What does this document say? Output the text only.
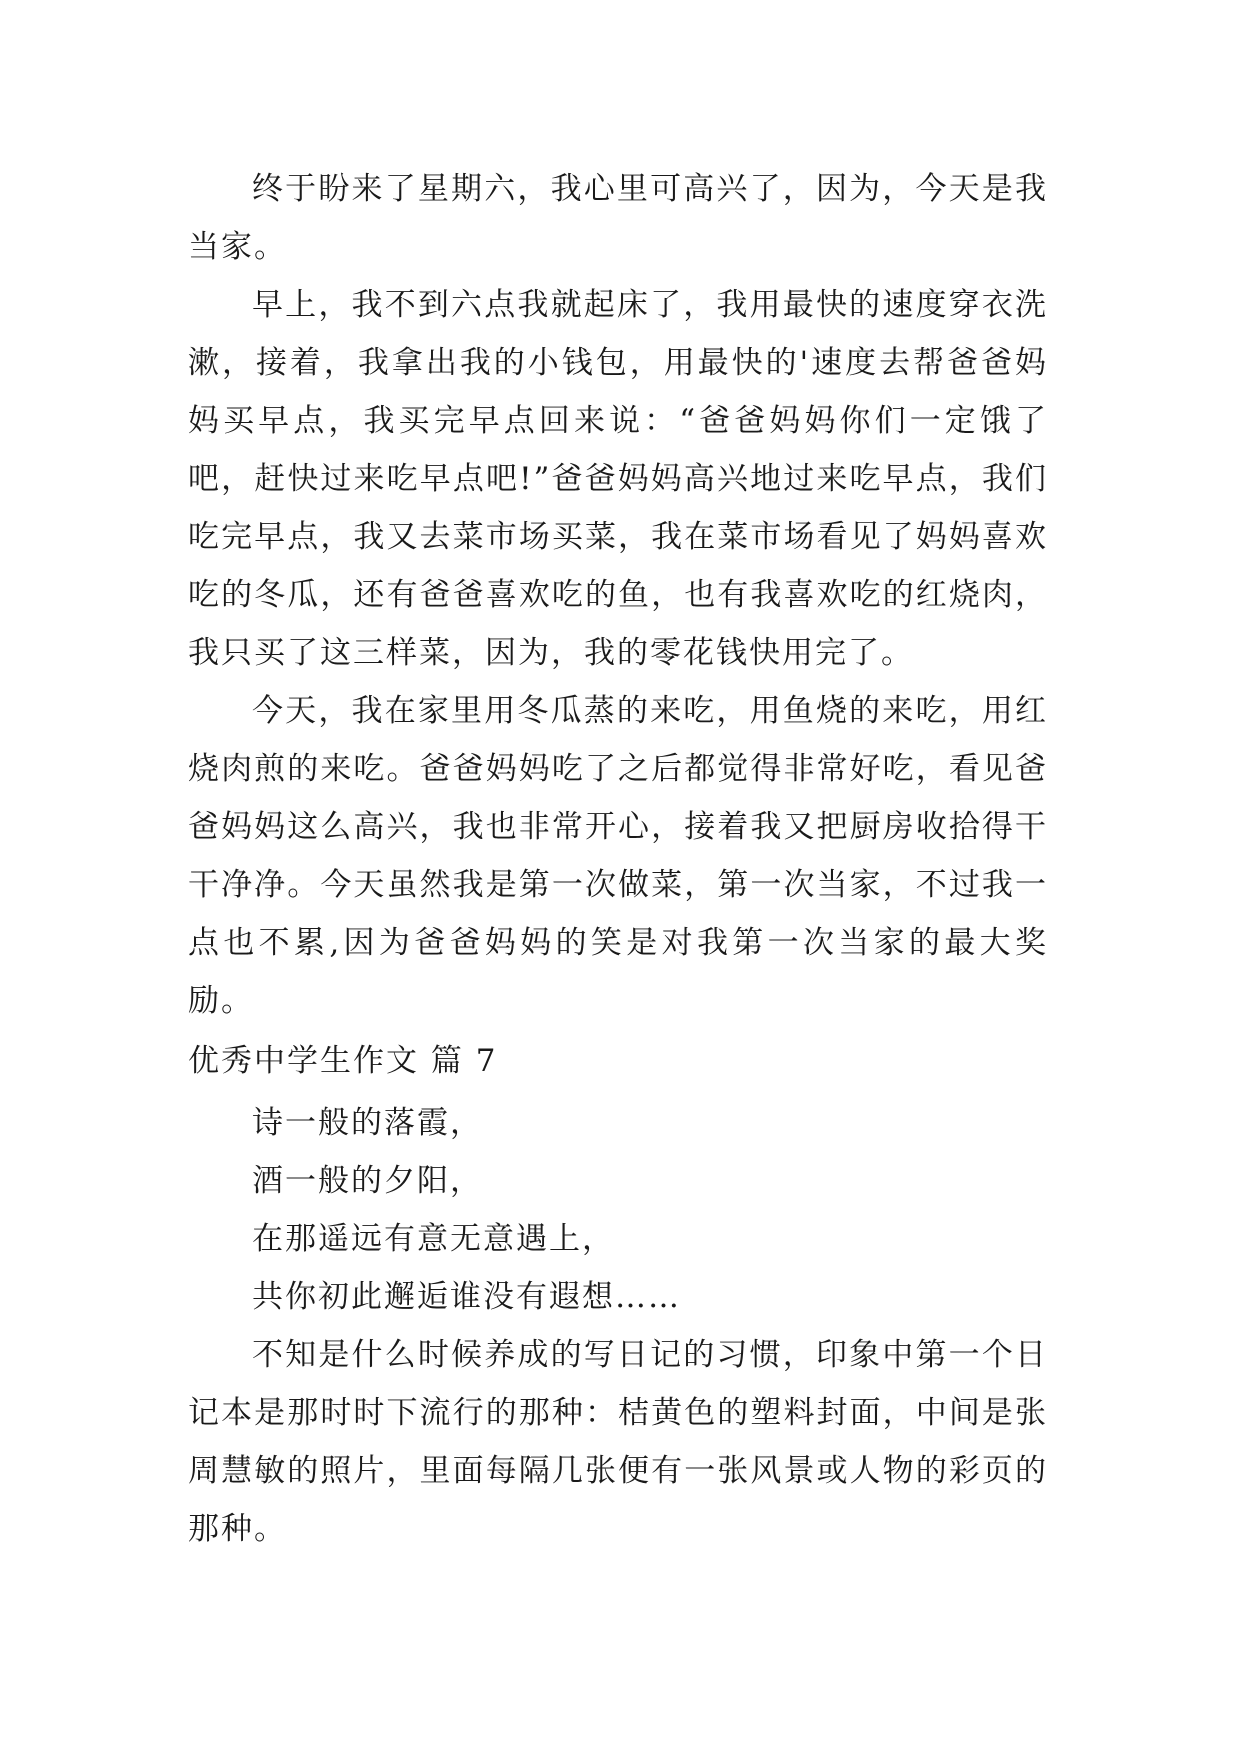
终于盼来了星期六，我心里可高兴了，因为，今天是我当家。

早上，我不到六点我就起床了，我用最快的速度穿衣洗漱，接着，我拿出我的小钱包，用最快的'速度去帮爸爸妈妈买早点，我买完早点回来说：“爸爸妈妈你们一定饿了吧，赶快过来吃早点吧!”爸爸妈妈高兴地过来吃早点，我们吃完早点，我又去菜市场买菜，我在菜市场看见了妈妈喜欢吃的冬瓜，还有爸爸喜欢吃的鱼，也有我喜欢吃的红烧肉，我只买了这三样菜，因为，我的零花钱快用完了。

今天，我在家里用冬瓜蒸的来吃，用鱼烧的来吃，用红烧肉煎的来吃。爸爸妈妈吃了之后都觉得非常好吃，看见爸爸妈妈这么高兴，我也非常开心，接着我又把厨房收拾得干干净净。今天虽然我是第一次做菜，第一次当家，不过我一点也不累,因为爸爸妈妈的笑是对我第一次当家的最大奖励。

优秀中学生作文 篇 7

诗一般的落霞，

酒一般的夕阳，

在那遥远有意无意遇上，

共你初此邂逅谁没有遐想……

不知是什么时候养成的写日记的习惯，印象中第一个日记本是那时时下流行的那种：桔黄色的塑料封面，中间是张周慧敏的照片，里面每隔几张便有一张风景或人物的彩页的那种。
